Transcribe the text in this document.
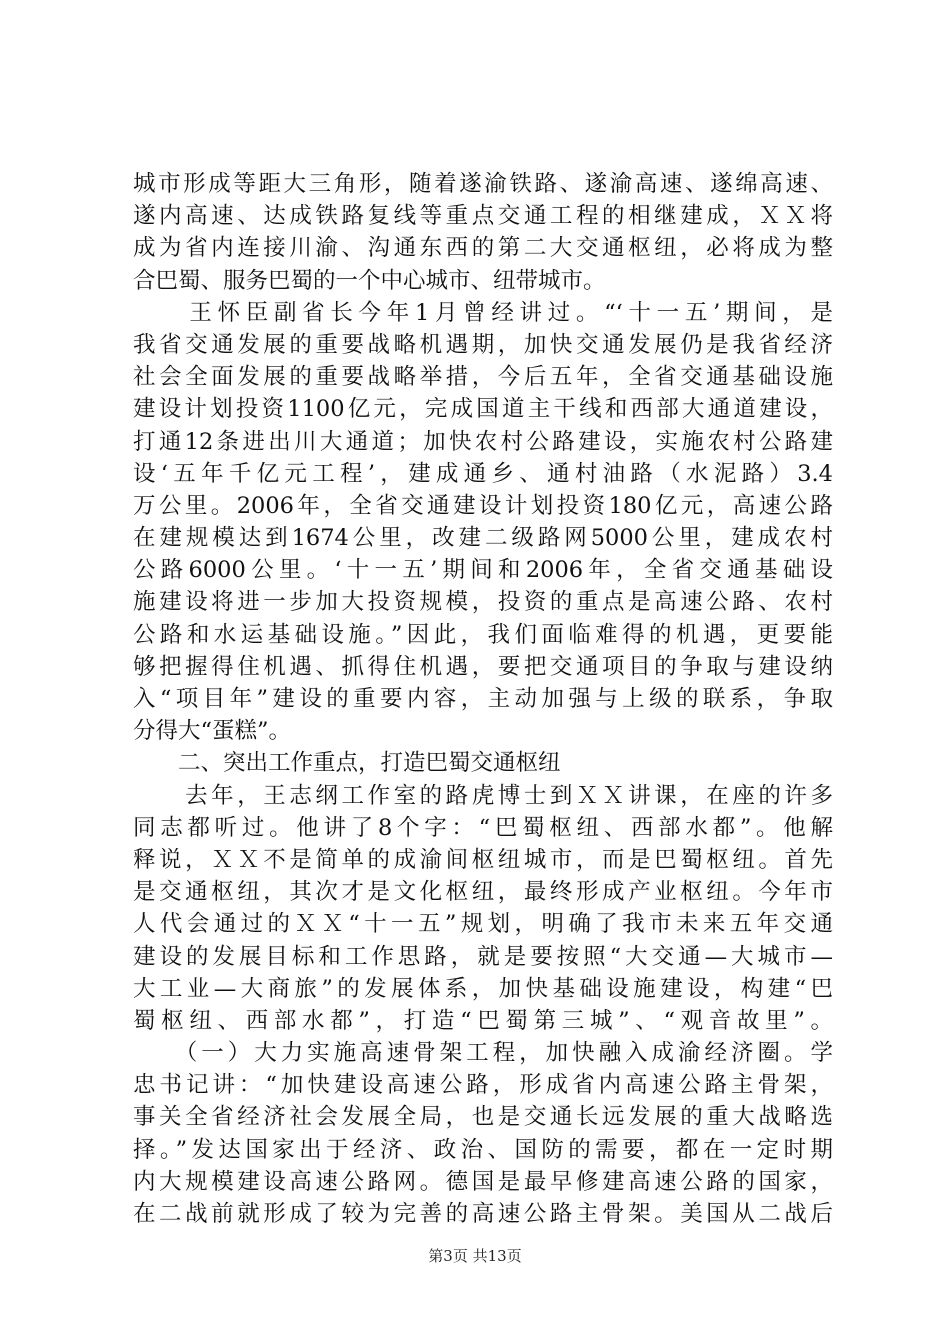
城市形成等距大三角形，随着遂渝铁路、遂渝高速、遂绵高速、
遂内高速、达成铁路复线等重点交通工程的相继建成，ＸＸ将
成为省内连接川渝、沟通东西的第二大交通枢纽，必将成为整
合巴蜀、服务巴蜀的一个中心城市、纽带城市。
　　王怀臣副省长今年1月曾经讲过。“‘十一五’期间，是
我省交通发展的重要战略机遇期，加快交通发展仍是我省经济
社会全面发展的重要战略举措，今后五年，全省交通基础设施
建设计划投资1100亿元，完成国道主干线和西部大通道建设，
打通12条进出川大通道；加快农村公路建设，实施农村公路建
设‘五年千亿元工程’，建成通乡、通村油路（水泥路）3.4
万公里。2006年，全省交通建设计划投资180亿元，高速公路
在建规模达到1674公里，改建二级路网5000公里，建成农村
公路6000公里。‘十一五’期间和2006年，全省交通基础设
施建设将进一步加大投资规模，投资的重点是高速公路、农村
公路和水运基础设施。”因此，我们面临难得的机遇，更要能
够把握得住机遇、抓得住机遇，要把交通项目的争取与建设纳
入“项目年”建设的重要内容，主动加强与上级的联系，争取
分得大“蛋糕”。
　　二、突出工作重点，打造巴蜀交通枢纽
　　去年，王志纲工作室的路虎博士到ＸＸ讲课，在座的许多
同志都听过。他讲了8个字：“巴蜀枢纽、西部水都”。他解
释说，ＸＸ不是简单的成渝间枢纽城市，而是巴蜀枢纽。首先
是交通枢纽，其次才是文化枢纽，最终形成产业枢纽。今年市
人代会通过的ＸＸ“十一五”规划，明确了我市未来五年交通
建设的发展目标和工作思路，就是要按照“大交通—大城市—
大工业—大商旅”的发展体系，加快基础设施建设，构建“巴
蜀枢纽、西部水都”，打造“巴蜀第三城”、“观音故里”。
　　（一）大力实施高速骨架工程，加快融入成渝经济圈。学
忠书记讲：“加快建设高速公路，形成省内高速公路主骨架，
事关全省经济社会发展全局，也是交通长远发展的重大战略选
择。”发达国家出于经济、政治、国防的需要，都在一定时期
内大规模建设高速公路网。德国是最早修建高速公路的国家，
在二战前就形成了较为完善的高速公路主骨架。美国从二战后
第3页 共13页
